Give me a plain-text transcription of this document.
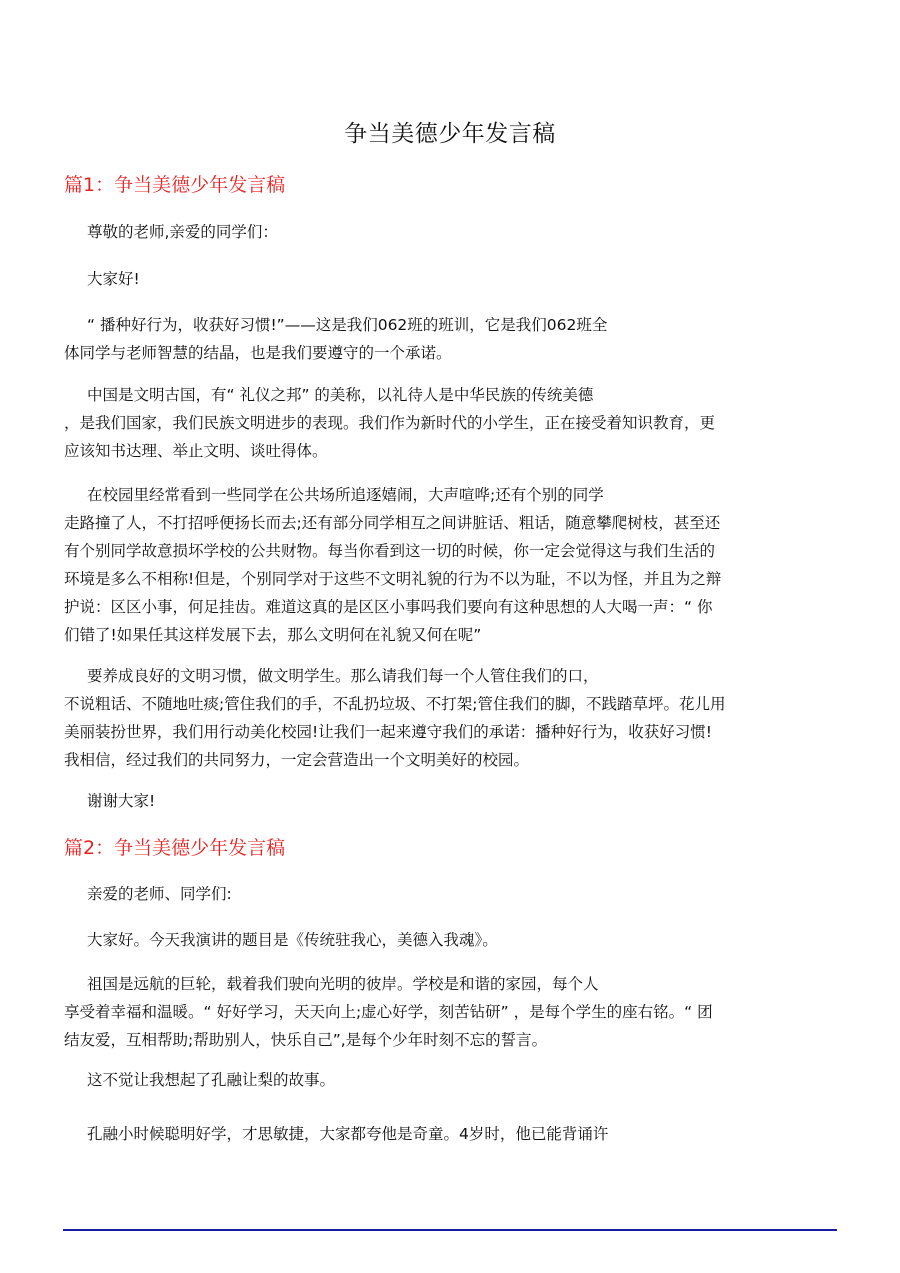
争当美德少年发言稿
篇1：争当美德少年发言稿
尊敬的老师,亲爱的同学们：
大家好!
“ 播种好行为，收获好习惯!”——这是我们062班的班训，它是我们062班全
体同学与老师智慧的结晶，也是我们要遵守的一个承诺。
中国是文明古国，有“ 礼仪之邦” 的美称，以礼待人是中华民族的传统美德
，是我们国家，我们民族文明进步的表现。我们作为新时代的小学生，正在接受着知识教育，更
应该知书达理、举止文明、谈吐得体。
在校园里经常看到一些同学在公共场所追逐嬉闹，大声喧哗;还有个别的同学
走路撞了人，不打招呼便扬长而去;还有部分同学相互之间讲脏话、粗话，随意攀爬树枝，甚至还
有个别同学故意损坏学校的公共财物。每当你看到这一切的时候，你一定会觉得这与我们生活的
环境是多么不相称!但是，个别同学对于这些不文明礼貌的行为不以为耻，不以为怪，并且为之辩
护说：区区小事，何足挂齿。难道这真的是区区小事吗我们要向有这种思想的人大喝一声：“ 你
们错了!如果任其这样发展下去，那么文明何在礼貌又何在呢”
要养成良好的文明习惯，做文明学生。那么请我们每一个人管住我们的口，
不说粗话、不随地吐痰;管住我们的手，不乱扔垃圾、不打架;管住我们的脚，不践踏草坪。花儿用
美丽装扮世界，我们用行动美化校园!让我们一起来遵守我们的承诺：播种好行为，收获好习惯!
我相信，经过我们的共同努力，一定会营造出一个文明美好的校园。
谢谢大家!
篇2：争当美德少年发言稿
亲爱的老师、同学们:
大家好。今天我演讲的题目是《传统驻我心，美德入我魂》。
祖国是远航的巨轮，载着我们驶向光明的彼岸。学校是和谐的家园，每个人
享受着幸福和温暖。“ 好好学习，天天向上;虚心好学，刻苦钻研” ，是每个学生的座右铭。“ 团
结友爱，互相帮助;帮助别人，快乐自己”,是每个少年时刻不忘的誓言。
这不觉让我想起了孔融让梨的故事。
孔融小时候聪明好学，才思敏捷，大家都夸他是奇童。4岁时，他已能背诵许
